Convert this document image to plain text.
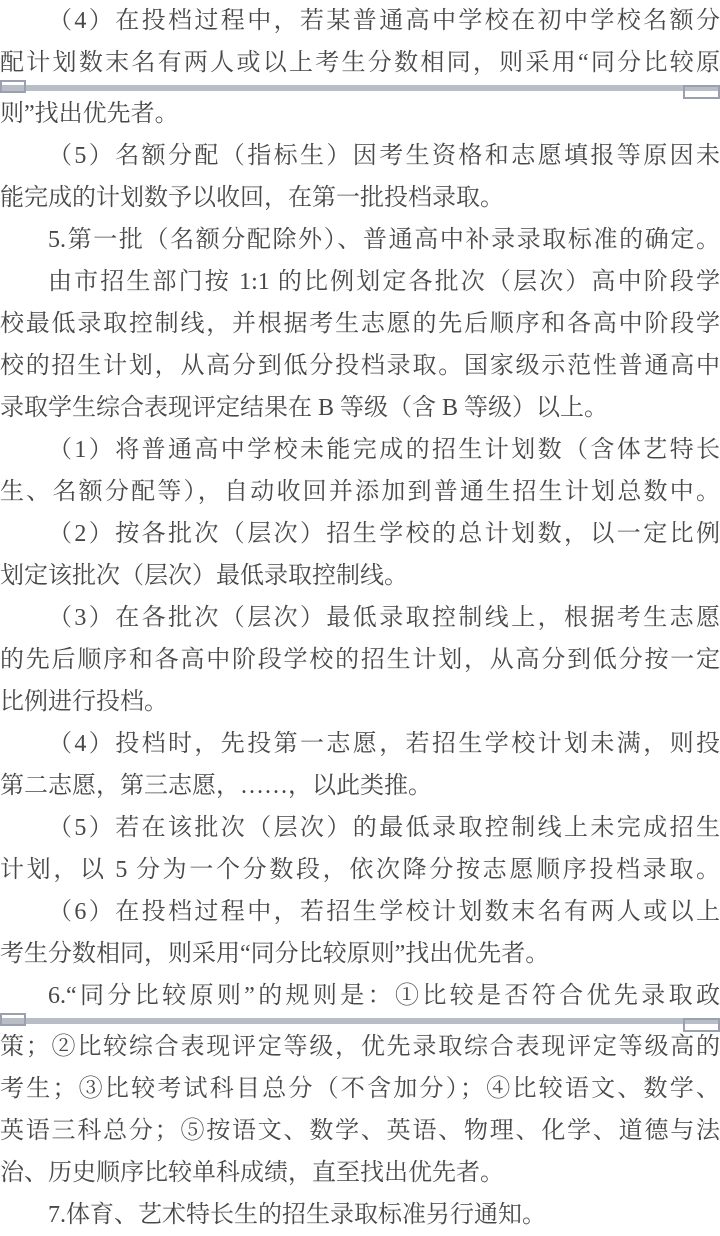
（4）在投档过程中，若某普通高中学校在初中学校名额分
配计划数末名有两人或以上考生分数相同，则采用“同分比较原
则”找出优先者。
（5）名额分配（指标生）因考生资格和志愿填报等原因未
能完成的计划数予以收回，在第一批投档录取。
5.第一批（名额分配除外）、普通高中补录录取标准的确定。
由市招生部门按 1:1 的比例划定各批次（层次）高中阶段学
校最低录取控制线，并根据考生志愿的先后顺序和各高中阶段学
校的招生计划，从高分到低分投档录取。国家级示范性普通高中
录取学生综合表现评定结果在 B 等级（含 B 等级）以上。
（1）将普通高中学校未能完成的招生计划数（含体艺特长
生、名额分配等），自动收回并添加到普通生招生计划总数中。
（2）按各批次（层次）招生学校的总计划数，以一定比例
划定该批次（层次）最低录取控制线。
（3）在各批次（层次）最低录取控制线上，根据考生志愿
的先后顺序和各高中阶段学校的招生计划，从高分到低分按一定
比例进行投档。
（4）投档时，先投第一志愿，若招生学校计划未满，则投
第二志愿，第三志愿，……，以此类推。
（5）若在该批次（层次）的最低录取控制线上未完成招生
计划，以 5 分为一个分数段，依次降分按志愿顺序投档录取。
（6）在投档过程中，若招生学校计划数末名有两人或以上
考生分数相同，则采用“同分比较原则”找出优先者。
6.“同分比较原则”的规则是：①比较是否符合优先录取政
策；②比较综合表现评定等级，优先录取综合表现评定等级高的
考生；③比较考试科目总分（不含加分）；④比较语文、数学、
英语三科总分；⑤按语文、数学、英语、物理、化学、道德与法
治、历史顺序比较单科成绩，直至找出优先者。
7.体育、艺术特长生的招生录取标准另行通知。
